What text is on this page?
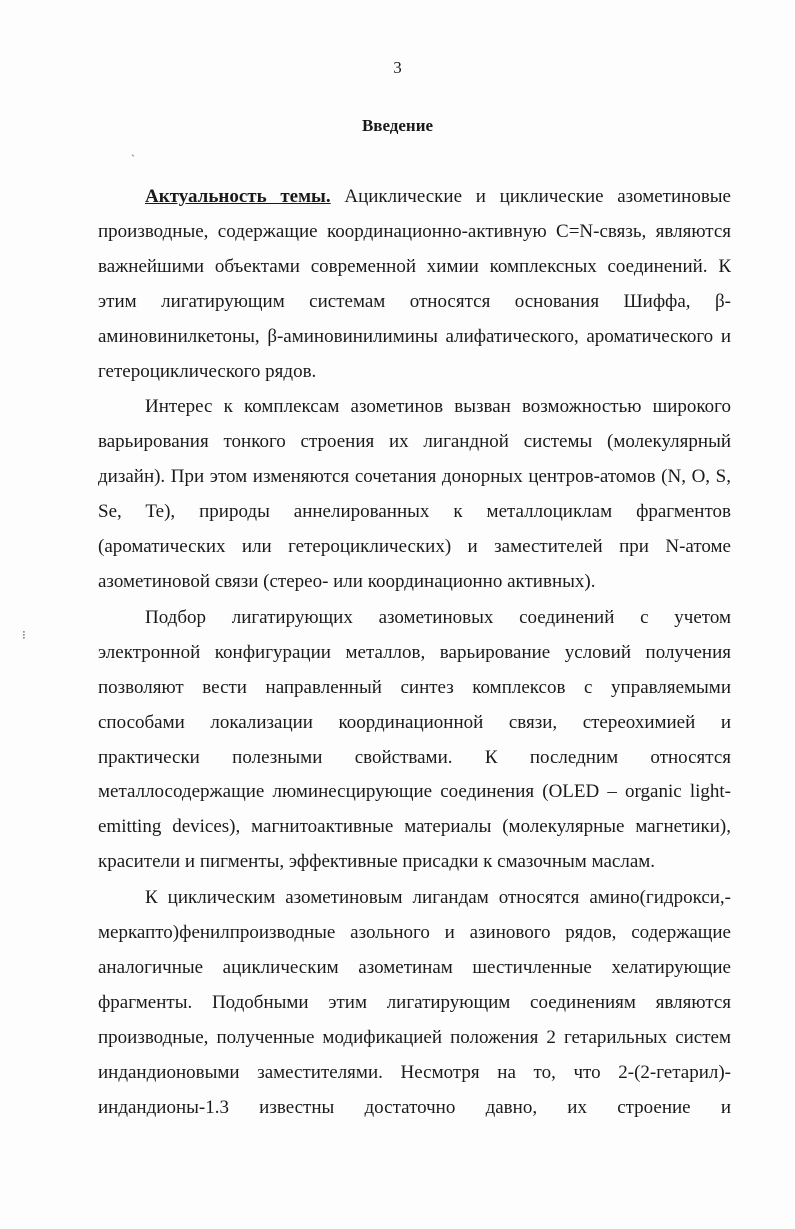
3
Введение
ˋ
⁝

Актуальность темы. Ациклические и циклические азометиновые производные, содержащие координационно-активную C=N-связь, являются важнейшими объектами современной химии комплексных соединений. К этим лигатирующим системам относятся основания Шиффа, β-аминовинилкетоны, β-аминовинилимины алифатического, ароматического и гетероциклического рядов.

Интерес к комплексам азометинов вызван возможностью широкого варьирования тонкого строения их лигандной системы (молекулярный дизайн). При этом изменяются сочетания донорных центров-атомов (N, O, S, Se, Te), природы аннелированных к металлоциклам фрагментов (ароматических или гетероциклических) и заместителей при N-атоме азометиновой связи (стерео- или координационно активных).

Подбор лигатирующих азометиновых соединений с учетом электронной конфигурации металлов, варьирование условий получения позволяют вести направленный синтез комплексов с управляемыми способами локализации координационной связи, стереохимией и практически полезными свойствами. К последним относятся металлосодержащие люминесцирующие соединения (OLED – organic light-emitting devices), магнитоактивные материалы (молекулярные магнетики), красители и пигменты, эффективные присадки к смазочным маслам.

К циклическим азометиновым лигандам относятся амино(гидрокси,-меркапто)фенилпроизводные азольного и азинового рядов, содержащие аналогичные ациклическим азометинам шестичленные хелатирующие фрагменты. Подобными этим лигатирующим соединениям являются производные, полученные модификацией положения 2 гетарильных систем индандионовыми заместителями. Несмотря на то, что 2-(2-гетарил)-индандионы-1.3 известны достаточно давно, их строение и
